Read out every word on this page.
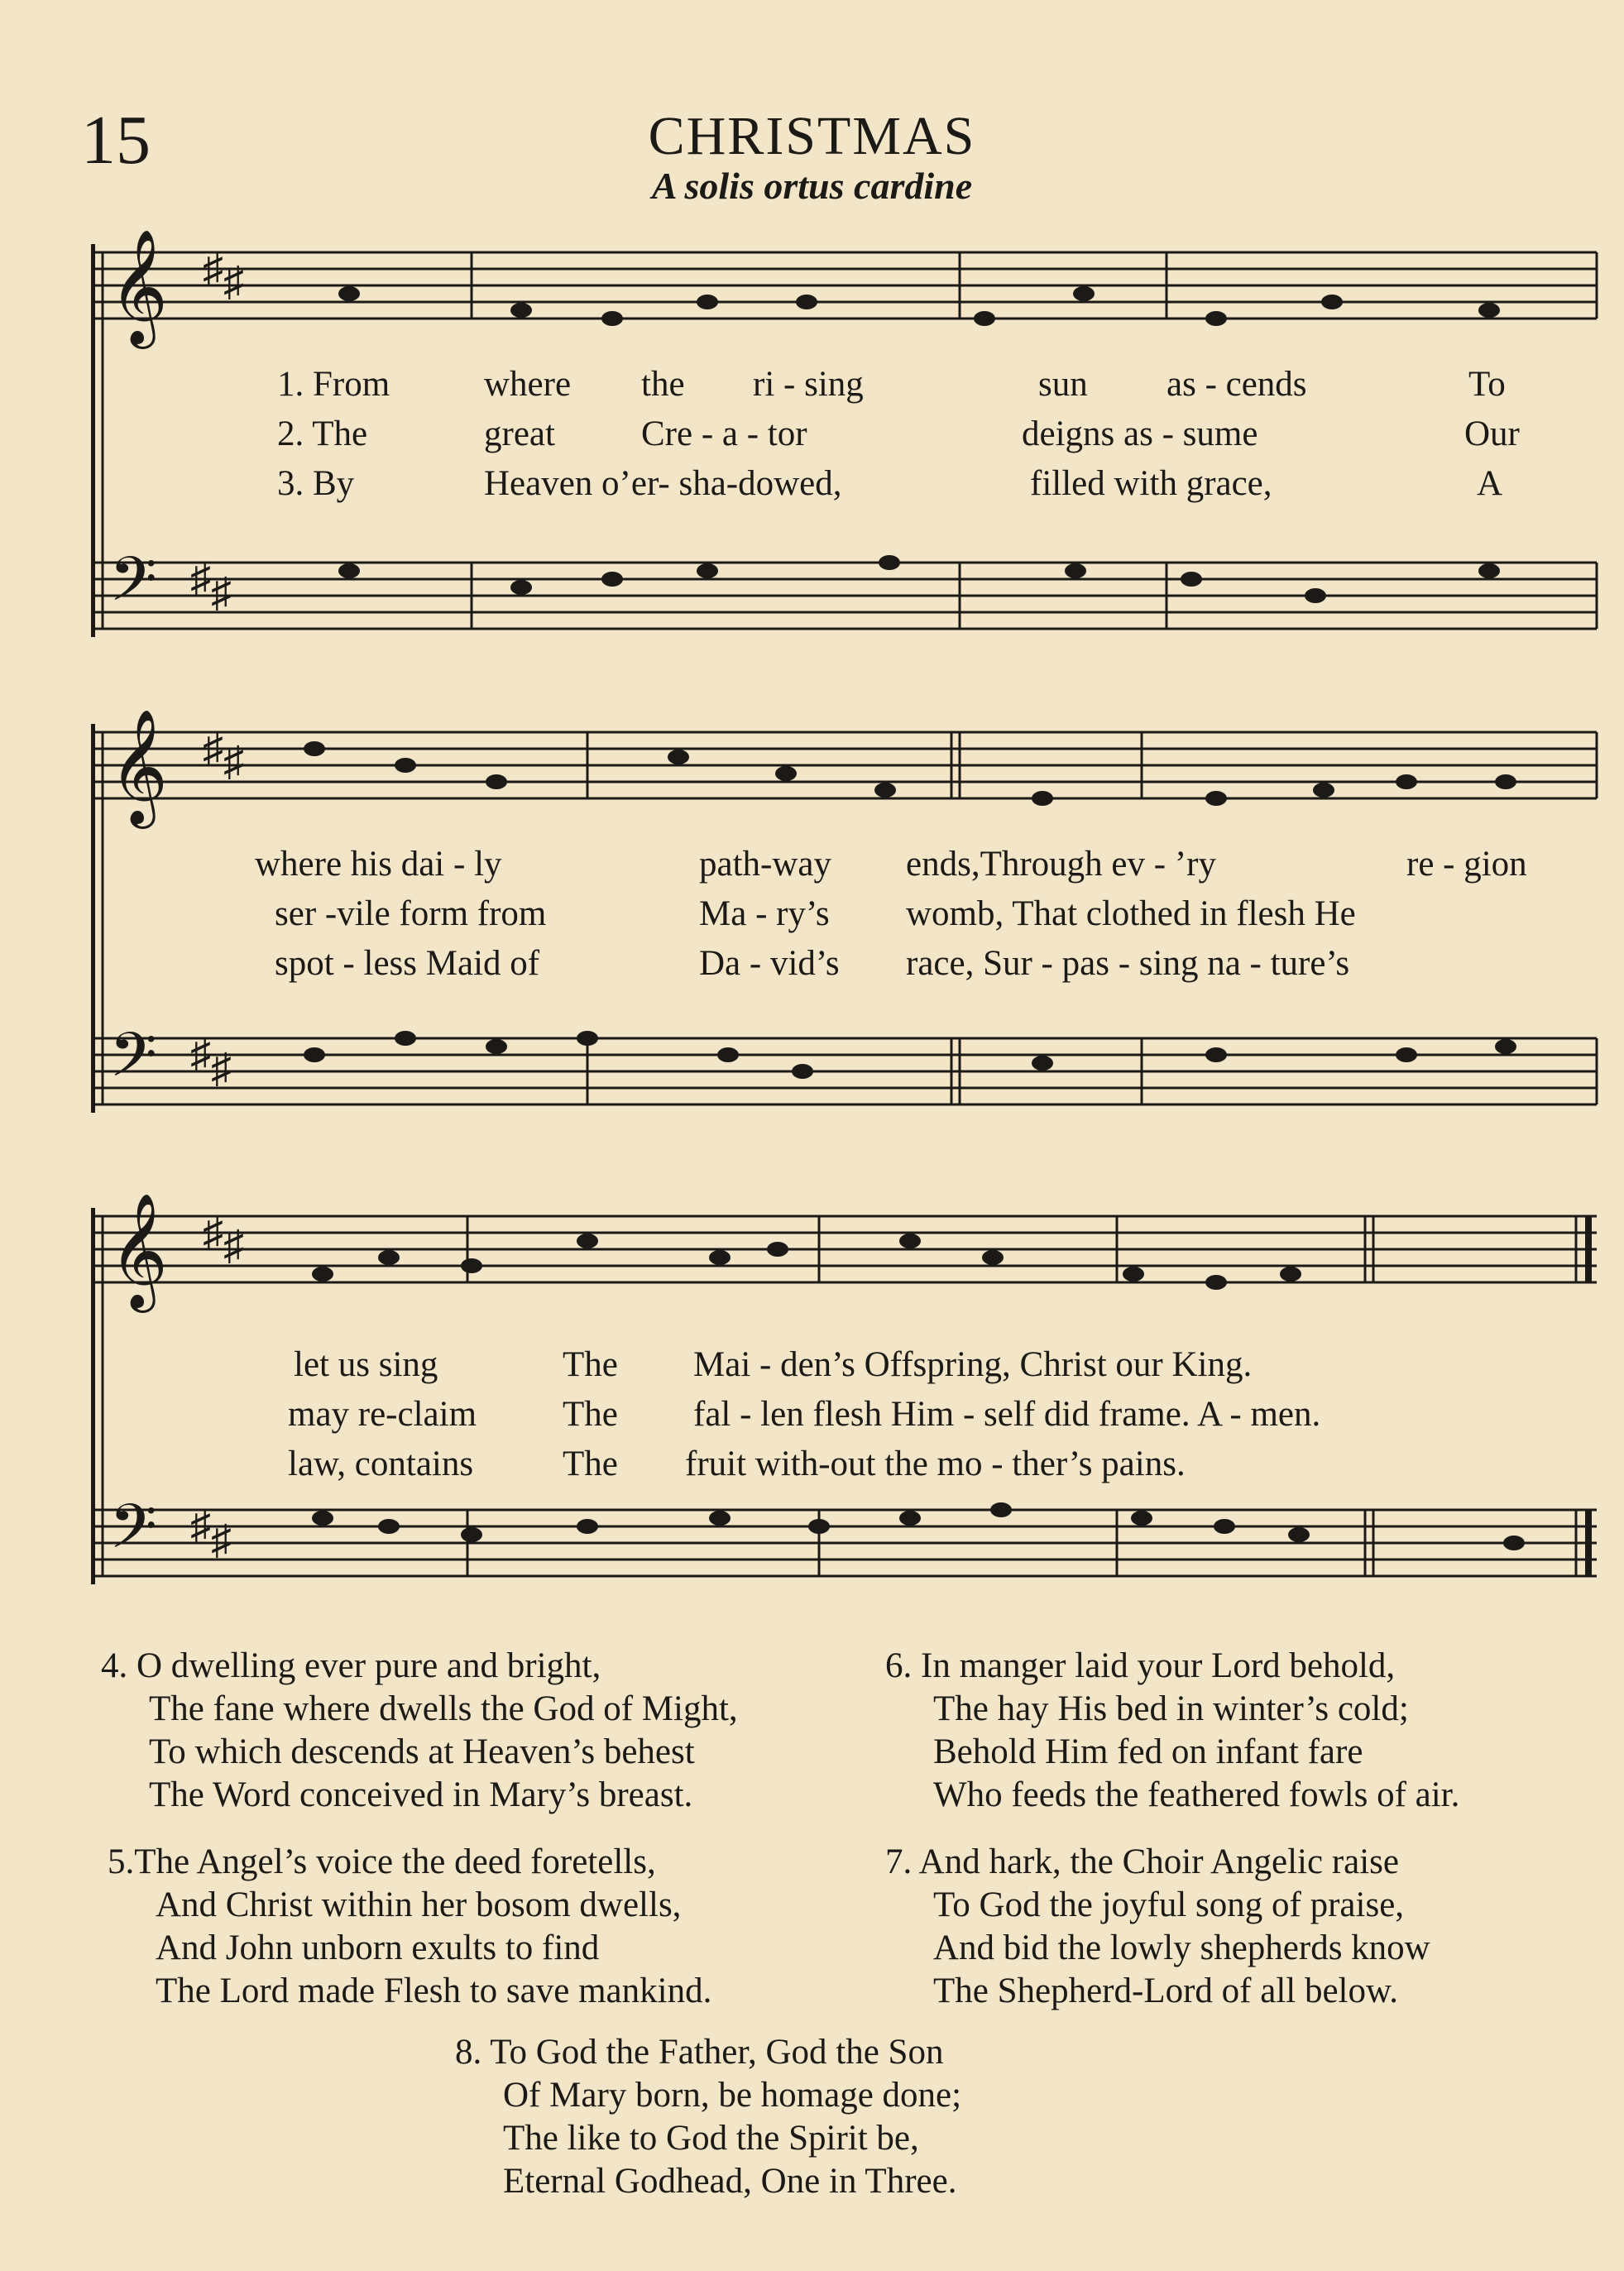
15	CHRISTMAS
A solis ortus cardine
𝄞 ♯ ♯
𝄢 ♯ ♯
1. From	where the ri - sing	sun as - cends	To
2. The	great Cre - a - tor	deigns as - sume	Our
3. By	Heaven o’er- sha-dowed,	filled with grace,	A
𝄞 ♯ ♯
𝄢 ♯ ♯
where his dai - ly	path-way ends,Through ev - ’ry	re - gion
ser -vile form from	Ma - ry’s womb, That clothed in flesh He
spot - less Maid of	Da - vid’s race, Sur - pas - sing na - ture’s
𝄞 ♯ ♯
𝄢 ♯ ♯
let us sing	The Mai - den’s Offspring, Christ our King.
may re-claim The fal - len flesh Him - self did frame. A - men.
law, contains	The fruit with-out the mo - ther’s pains.
4. O dwelling ever pure and bright,
The fane where dwells the God of Might,
To which descends at Heaven’s behest
The Word conceived in Mary’s breast.
6. In manger laid your Lord behold,
The hay His bed in winter’s cold;
Behold Him fed on infant fare
Who feeds the feathered fowls of air.
5.The Angel’s voice the deed foretells,
And Christ within her bosom dwells,
And John unborn exults to find
The Lord made Flesh to save mankind.
7. And hark, the Choir Angelic raise
To God the joyful song of praise,
And bid the lowly shepherds know
The Shepherd-Lord of all below.
8. To God the Father, God the Son
Of Mary born, be homage done;
The like to God the Spirit be,
Eternal Godhead, One in Three.
